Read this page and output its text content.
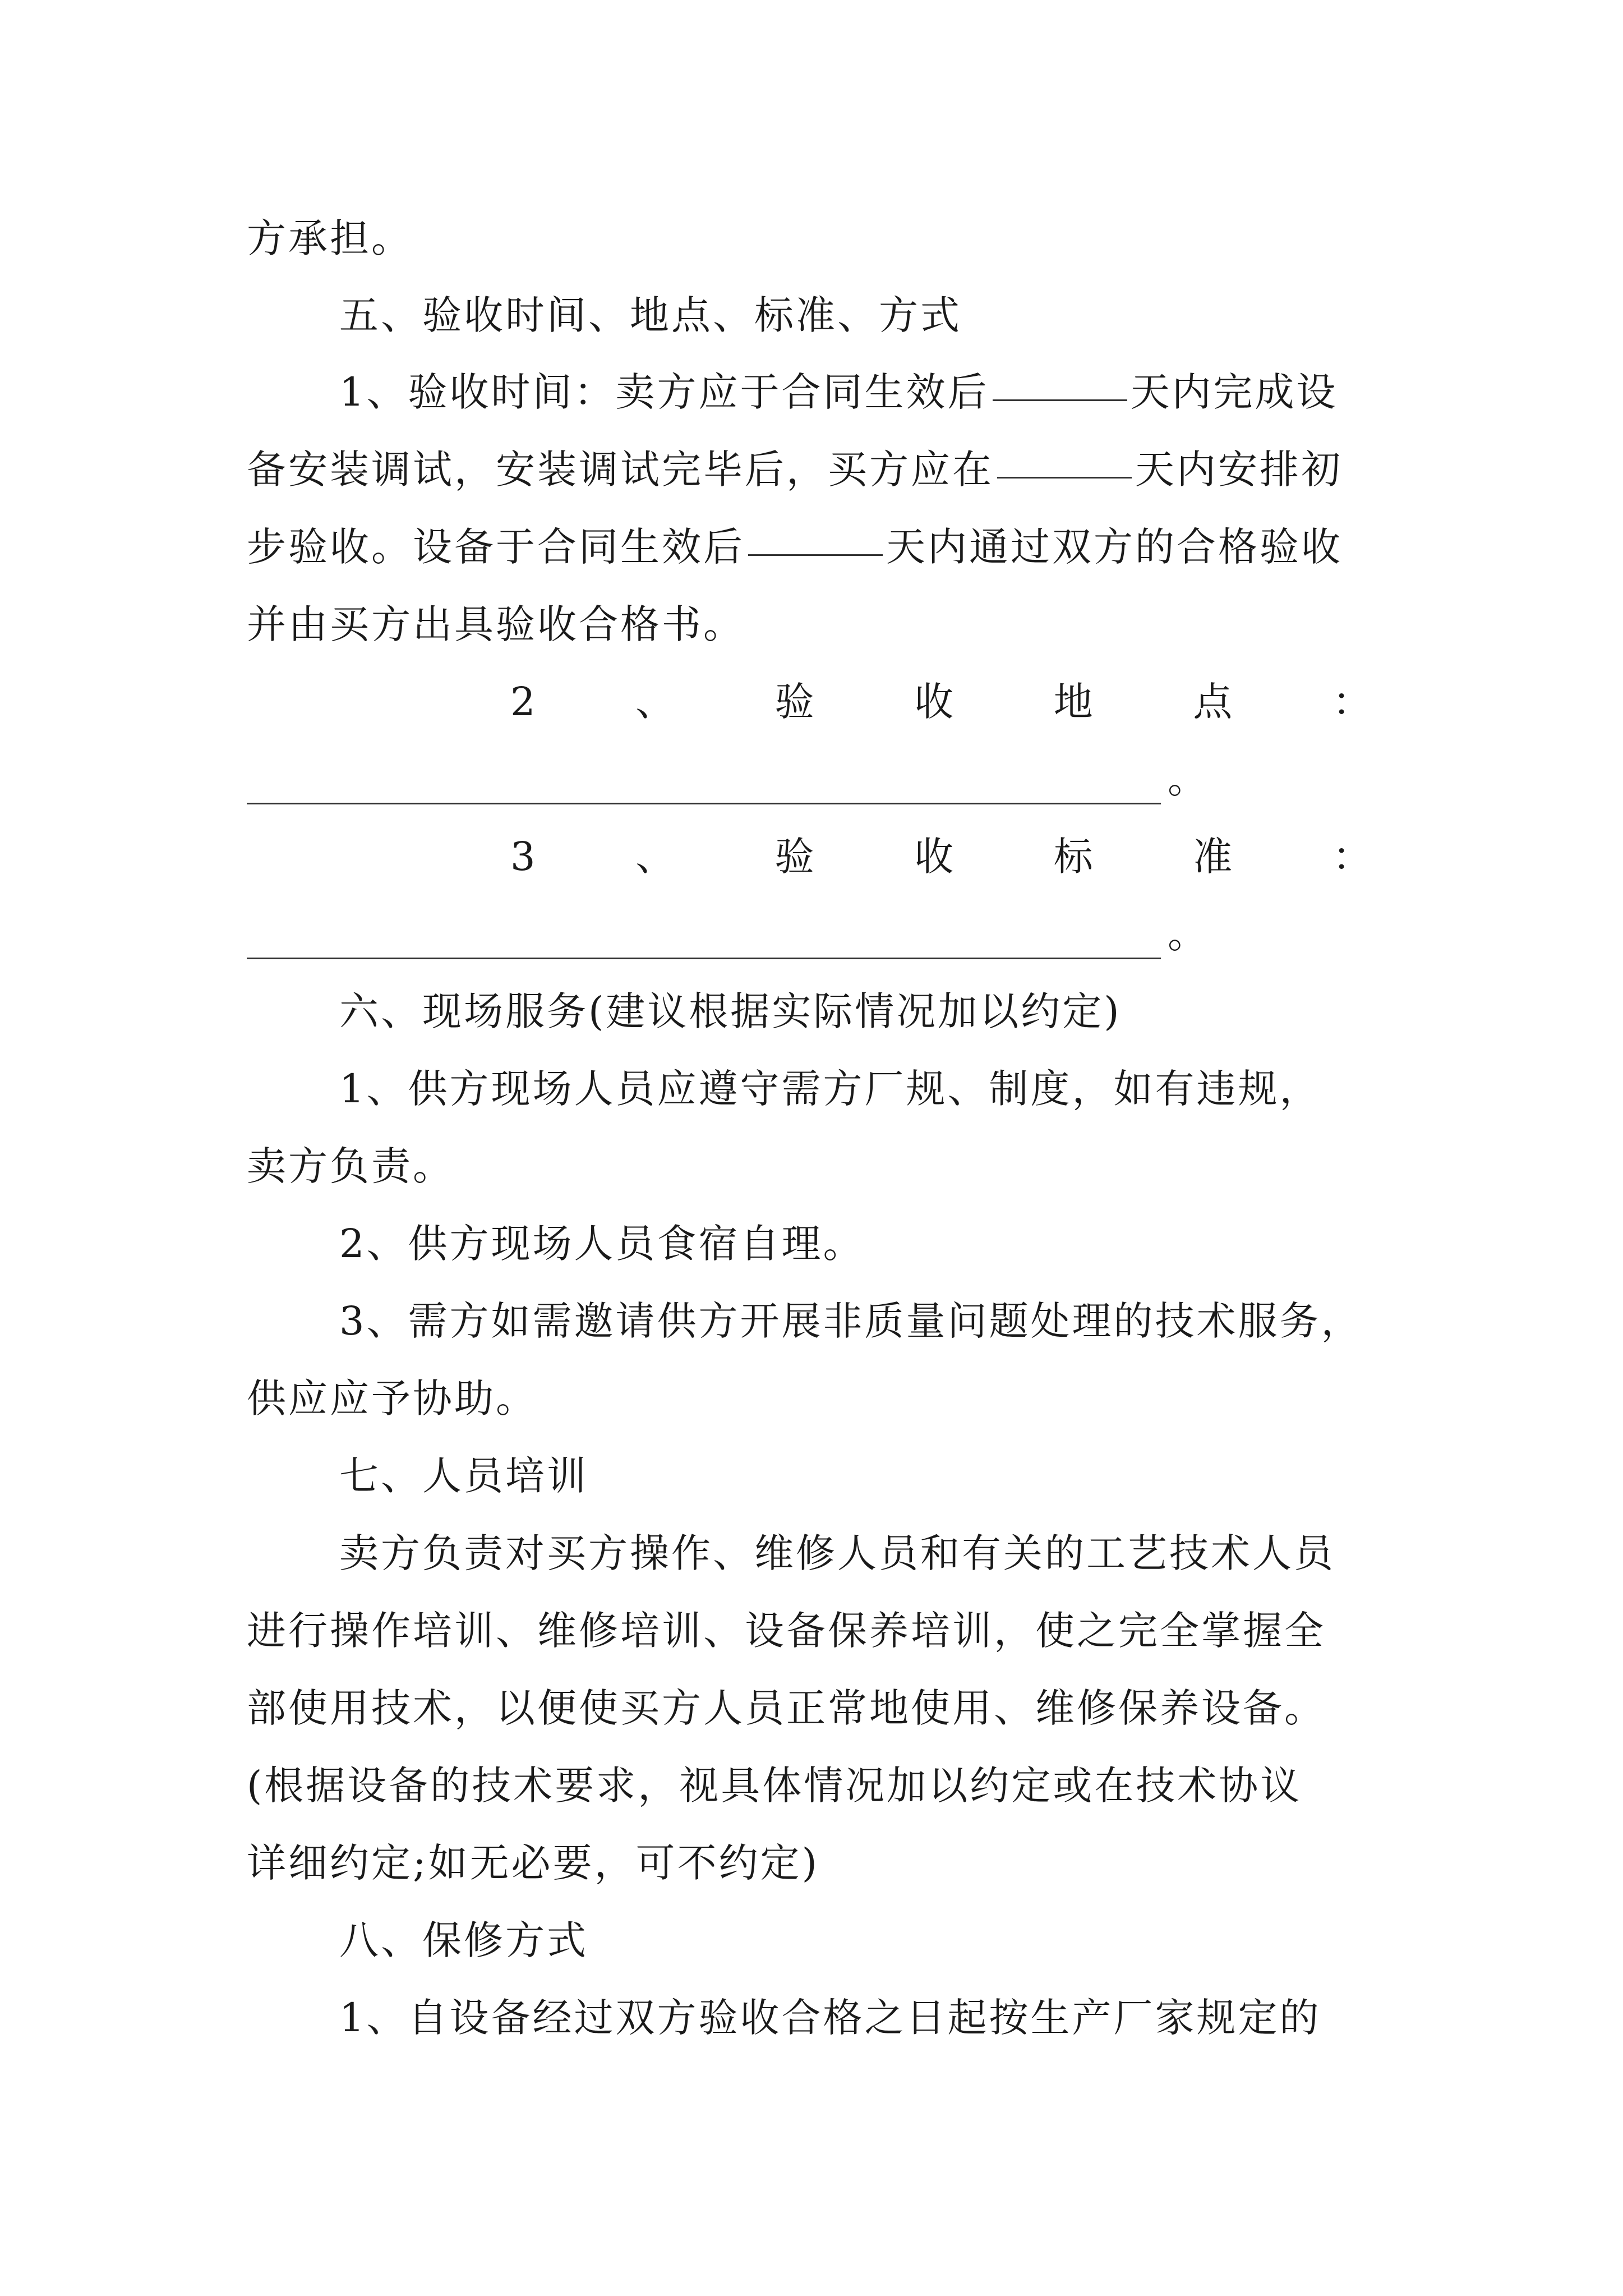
方承担。
五、验收时间、地点、标准、方式
1、验收时间：卖方应于合同生效后	天内完成设
备安装调试，安装调试完毕后，买方应在	天内安排初
步验收。设备于合同生效后	天内通过双方的合格验收
并由买方出具验收合格书。
2 、 验 收 地 点 ：
。
3 、 验 收 标 准 ：
。
六、现场服务(建议根据实际情况加以约定)
1、供方现场人员应遵守需方厂规、制度，如有违规，
卖方负责。
2、供方现场人员食宿自理。
3、需方如需邀请供方开展非质量问题处理的技术服务，
供应应予协助。
七、人员培训
卖方负责对买方操作、维修人员和有关的工艺技术人员
进行操作培训、维修培训、设备保养培训，使之完全掌握全
部使用技术，以便使买方人员正常地使用、维修保养设备。
(根据设备的技术要求，视具体情况加以约定或在技术协议
详细约定;如无必要，可不约定)
八、保修方式
1、自设备经过双方验收合格之日起按生产厂家规定的
